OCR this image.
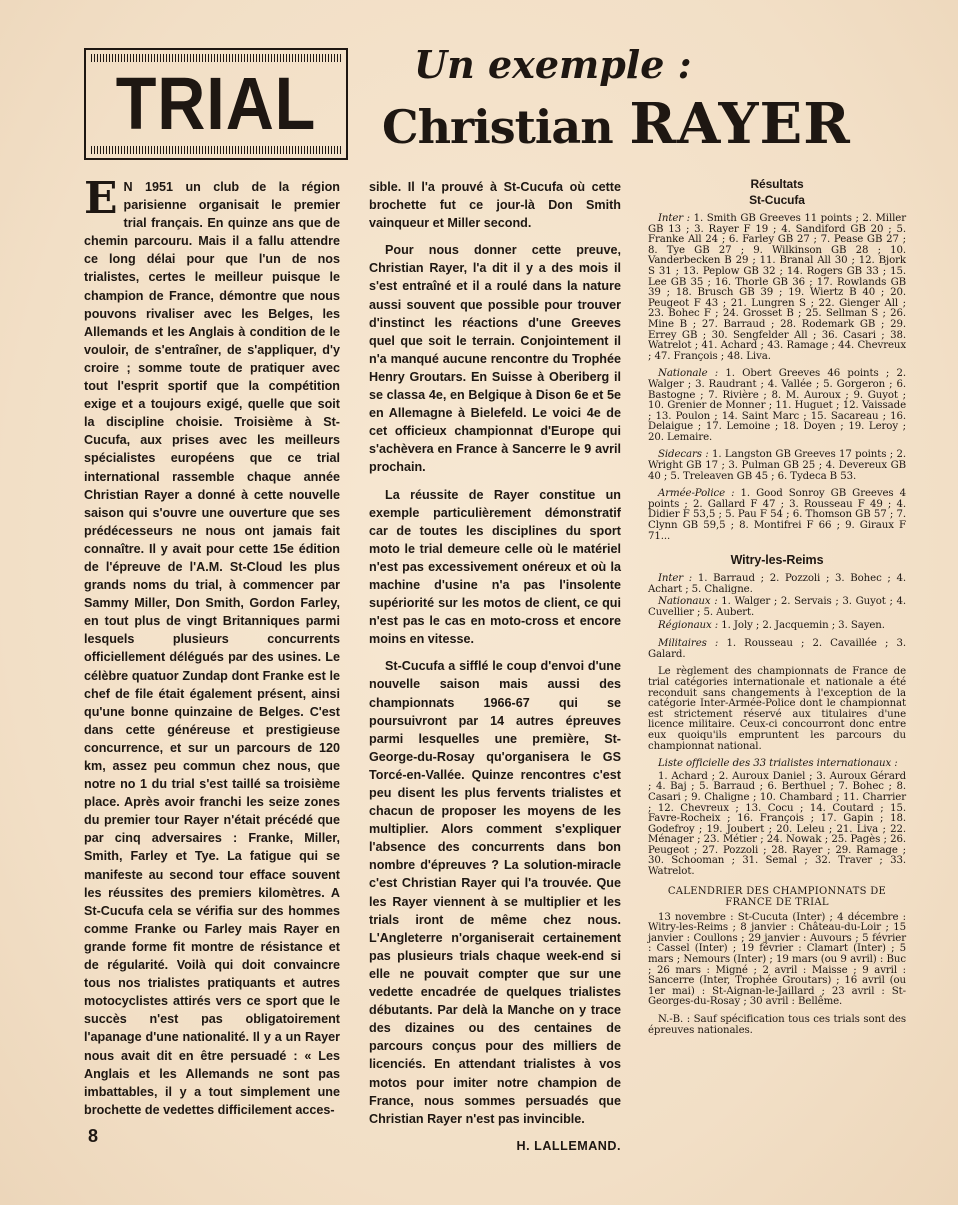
TRIAL	Un exemple :
Christian RAYER

E N 1951 un club de la région parisienne organisait le premier trial français. En quinze ans que de chemin parcouru. Mais il a fallu attendre ce long délai pour que l'un de nos trialistes, certes le meilleur puisque le champion de France, démontre que nous pouvons rivaliser avec les Belges, les Allemands et les Anglais à condition de le vouloir, de s'entraîner, de s'appliquer, d'y croire ; somme toute de pratiquer avec tout l'esprit sportif que la compétition exige et a toujours exigé, quelle que soit la discipline choisie. Troisième à St-Cucufa, aux prises avec les meilleurs spécialistes européens que ce trial international rassemble chaque année Christian Rayer a donné à cette nouvelle saison qui s'ouvre une ouverture que ses prédécesseurs ne nous ont jamais fait connaître. Il y avait pour cette 15e édition de l'épreuve de l'A.M. St-Cloud les plus grands noms du trial, à commencer par Sammy Miller, Don Smith, Gordon Farley, en tout plus de vingt Britanniques parmi lesquels plusieurs concurrents officiellement délégués par des usines. Le célèbre quatuor Zundap dont Franke est le chef de file était également présent, ainsi qu'une bonne quinzaine de Belges. C'est dans cette généreuse et prestigieuse concurrence, et sur un parcours de 120 km, assez peu commun chez nous, que notre no 1 du trial s'est taillé sa troisième place. Après avoir franchi les seize zones du premier tour Rayer n'était précédé que par cinq adversaires : Franke, Miller, Smith, Farley et Tye. La fatigue qui se manifeste au second tour efface souvent les réussites des premiers kilomètres. A St-Cucufa cela se vérifia sur des hommes comme Franke ou Farley mais Rayer en grande forme fit montre de résistance et de régularité. Voilà qui doit convaincre tous nos trialistes pratiquants et autres motocyclistes attirés vers ce sport que le succès n'est pas obligatoirement l'apanage d'une nationalité. Il y a un Rayer nous avait dit en être persuadé : « Les Anglais et les Allemands ne sont pas imbattables, il y a tout simplement une brochette de vedettes difficilement acces-

sible. Il l'a prouvé à St-Cucufa où cette brochette fut ce jour-là Don Smith vainqueur et Miller second.

Pour nous donner cette preuve, Christian Rayer, l'a dit il y a des mois il s'est entraîné et il a roulé dans la nature aussi souvent que possible pour trouver d'instinct les réactions d'une Greeves quel que soit le terrain. Conjointement il n'a manqué aucune rencontre du Trophée Henry Groutars. En Suisse à Oberiberg il se classa 4e, en Belgique à Dison 6e et 5e en Allemagne à Bielefeld. Le voici 4e de cet officieux championnat d'Europe qui s'achèvera en France à Sancerre le 9 avril prochain.

La réussite de Rayer constitue un exemple particulièrement démonstratif car de toutes les disciplines du sport moto le trial demeure celle où le matériel n'est pas excessivement onéreux et où la machine d'usine n'a pas l'insolente supériorité sur les motos de client, ce qui n'est pas le cas en moto-cross et encore moins en vitesse.

St-Cucufa a sifflé le coup d'envoi d'une nouvelle saison mais aussi des championnats 1966-67 qui se poursuivront par 14 autres épreuves parmi lesquelles une première, St-George-du-Rosay qu'organisera le GS Torcé-en-Vallée. Quinze rencontres c'est peu disent les plus fervents trialistes et chacun de proposer les moyens de les multiplier. Alors comment s'expliquer l'absence des concurrents dans bon nombre d'épreuves ? La solution-miracle c'est Christian Rayer qui l'a trouvée. Que les Rayer viennent à se multiplier et les trials iront de même chez nous. L'Angleterre n'organiserait certainement pas plusieurs trials chaque week-end si elle ne pouvait compter que sur une vedette encadrée de quelques trialistes débutants. Par delà la Manche on y trace des dizaines ou des centaines de parcours conçus pour des milliers de licenciés. En attendant trialistes à vos motos pour imiter notre champion de France, nous sommes persuadés que Christian Rayer n'est pas invincible.

H. LALLEMAND.
Résultats
St-Cucufa

Inter : 1. Smith GB Greeves 11 points ; 2. Miller GB 13 ; 3. Rayer F 19 ; 4. Sandiford GB 20 ; 5. Franke All 24 ; 6. Farley GB 27 ; 7. Pease GB 27 ; 8. Tye GB 27 ; 9. Wilkinson GB 28 ; 10. Vanderbecken B 29 ; 11. Branal All 30 ; 12. Bjork S 31 ; 13. Peplow GB 32 ; 14. Rogers GB 33 ; 15. Lee GB 35 ; 16. Thorle GB 36 ; 17. Rowlands GB 39 ; 18. Brusch GB 39 ; 19. Wiertz B 40 ; 20. Peugeot F 43 ; 21. Lungren S ; 22. Gienger All ; 23. Bohec F ; 24. Grosset B ; 25. Sellman S ; 26. Mine B ; 27. Barraud ; 28. Rodemark GB ; 29. Errey GB ; 30. Sengfelder All ; 36. Casari ; 38. Watrelot ; 41. Achard ; 43. Ramage ; 44. Chevreux ; 47. François ; 48. Liva.

Nationale : 1. Obert Greeves 46 points ; 2. Walger ; 3. Raudrant ; 4. Vallée ; 5. Gorgeron ; 6. Bastogne ; 7. Rivière ; 8. M. Auroux ; 9. Guyot ; 10. Grenier de Monner ; 11. Huguet ; 12. Vaissade ; 13. Poulon ; 14. Saint Marc ; 15. Sacareau ; 16. Delaigue ; 17. Lemoine ; 18. Doyen ; 19. Leroy ; 20. Lemaire.

Sidecars : 1. Langston GB Greeves 17 points ; 2. Wright GB 17 ; 3. Pulman GB 25 ; 4. Devereux GB 40 ; 5. Treleaven GB 45 ; 6. Tydeca B 53.

Armée-Police : 1. Good Sonroy GB Greeves 4 points ; 2. Gallard F 47 ; 3. Rousseau F 49 ; 4. Didier F 53,5 ; 5. Pau F 54 ; 6. Thomson GB 57 ; 7. Clynn GB 59,5 ; 8. Montifrei F 66 ; 9. Giraux F 71...

Witry-les-Reims

Inter : 1. Barraud ; 2. Pozzoli ; 3. Bohec ; 4. Achart ; 5. Chaligne.

Nationaux : 1. Walger ; 2. Servais ; 3. Guyot ; 4. Cuvellier ; 5. Aubert.

Régionaux : 1. Joly ; 2. Jacquemin ; 3. Sayen.

Militaires : 1. Rousseau ; 2. Cavaillée ; 3. Galard.

Le règlement des championnats de France de trial catégories internationale et nationale a été reconduit sans changements à l'exception de la catégorie Inter-Armée-Police dont le championnat est strictement réservé aux titulaires d'une licence militaire. Ceux-ci concourront donc entre eux quoiqu'ils empruntent les parcours du championnat national.

Liste officielle des 33 trialistes internationaux :

1. Achard ; 2. Auroux Daniel ; 3. Auroux Gérard ; 4. Baj ; 5. Barraud ; 6. Berthuel ; 7. Bohec ; 8. Casari ; 9. Chaligne ; 10. Chambard ; 11. Charrier ; 12. Chevreux ; 13. Cocu ; 14. Coutard ; 15. Favre-Rocheix ; 16. François ; 17. Gapin ; 18. Godefroy ; 19. Joubert ; 20. Leleu ; 21. Liva ; 22. Ménager ; 23. Métier ; 24. Nowak ; 25. Pagès ; 26. Peugeot ; 27. Pozzoli ; 28. Rayer ; 29. Ramage ; 30. Schooman ; 31. Semal ; 32. Traver ; 33. Watrelot.

CALENDRIER DES CHAMPIONNATS DE FRANCE DE TRIAL

13 novembre : St-Cucuta (Inter) ; 4 décembre : Witry-les-Reims ; 8 janvier : Château-du-Loir ; 15 janvier : Coullons ; 29 janvier : Auvours ; 5 février : Cassel (Inter) ; 19 février : Clamart (Inter) ; 5 mars ; Nemours (Inter) ; 19 mars (ou 9 avril) : Buc ; 26 mars : Migné ; 2 avril : Maisse ; 9 avril : Sancerre (Inter, Trophée Groutars) ; 16 avril (ou 1er mai) : St-Aignan-le-Jaillard ; 23 avril : St-Georges-du-Rosay ; 30 avril : Bellême.

N.-B. : Sauf spécification tous ces trials sont des épreuves nationales.

8
